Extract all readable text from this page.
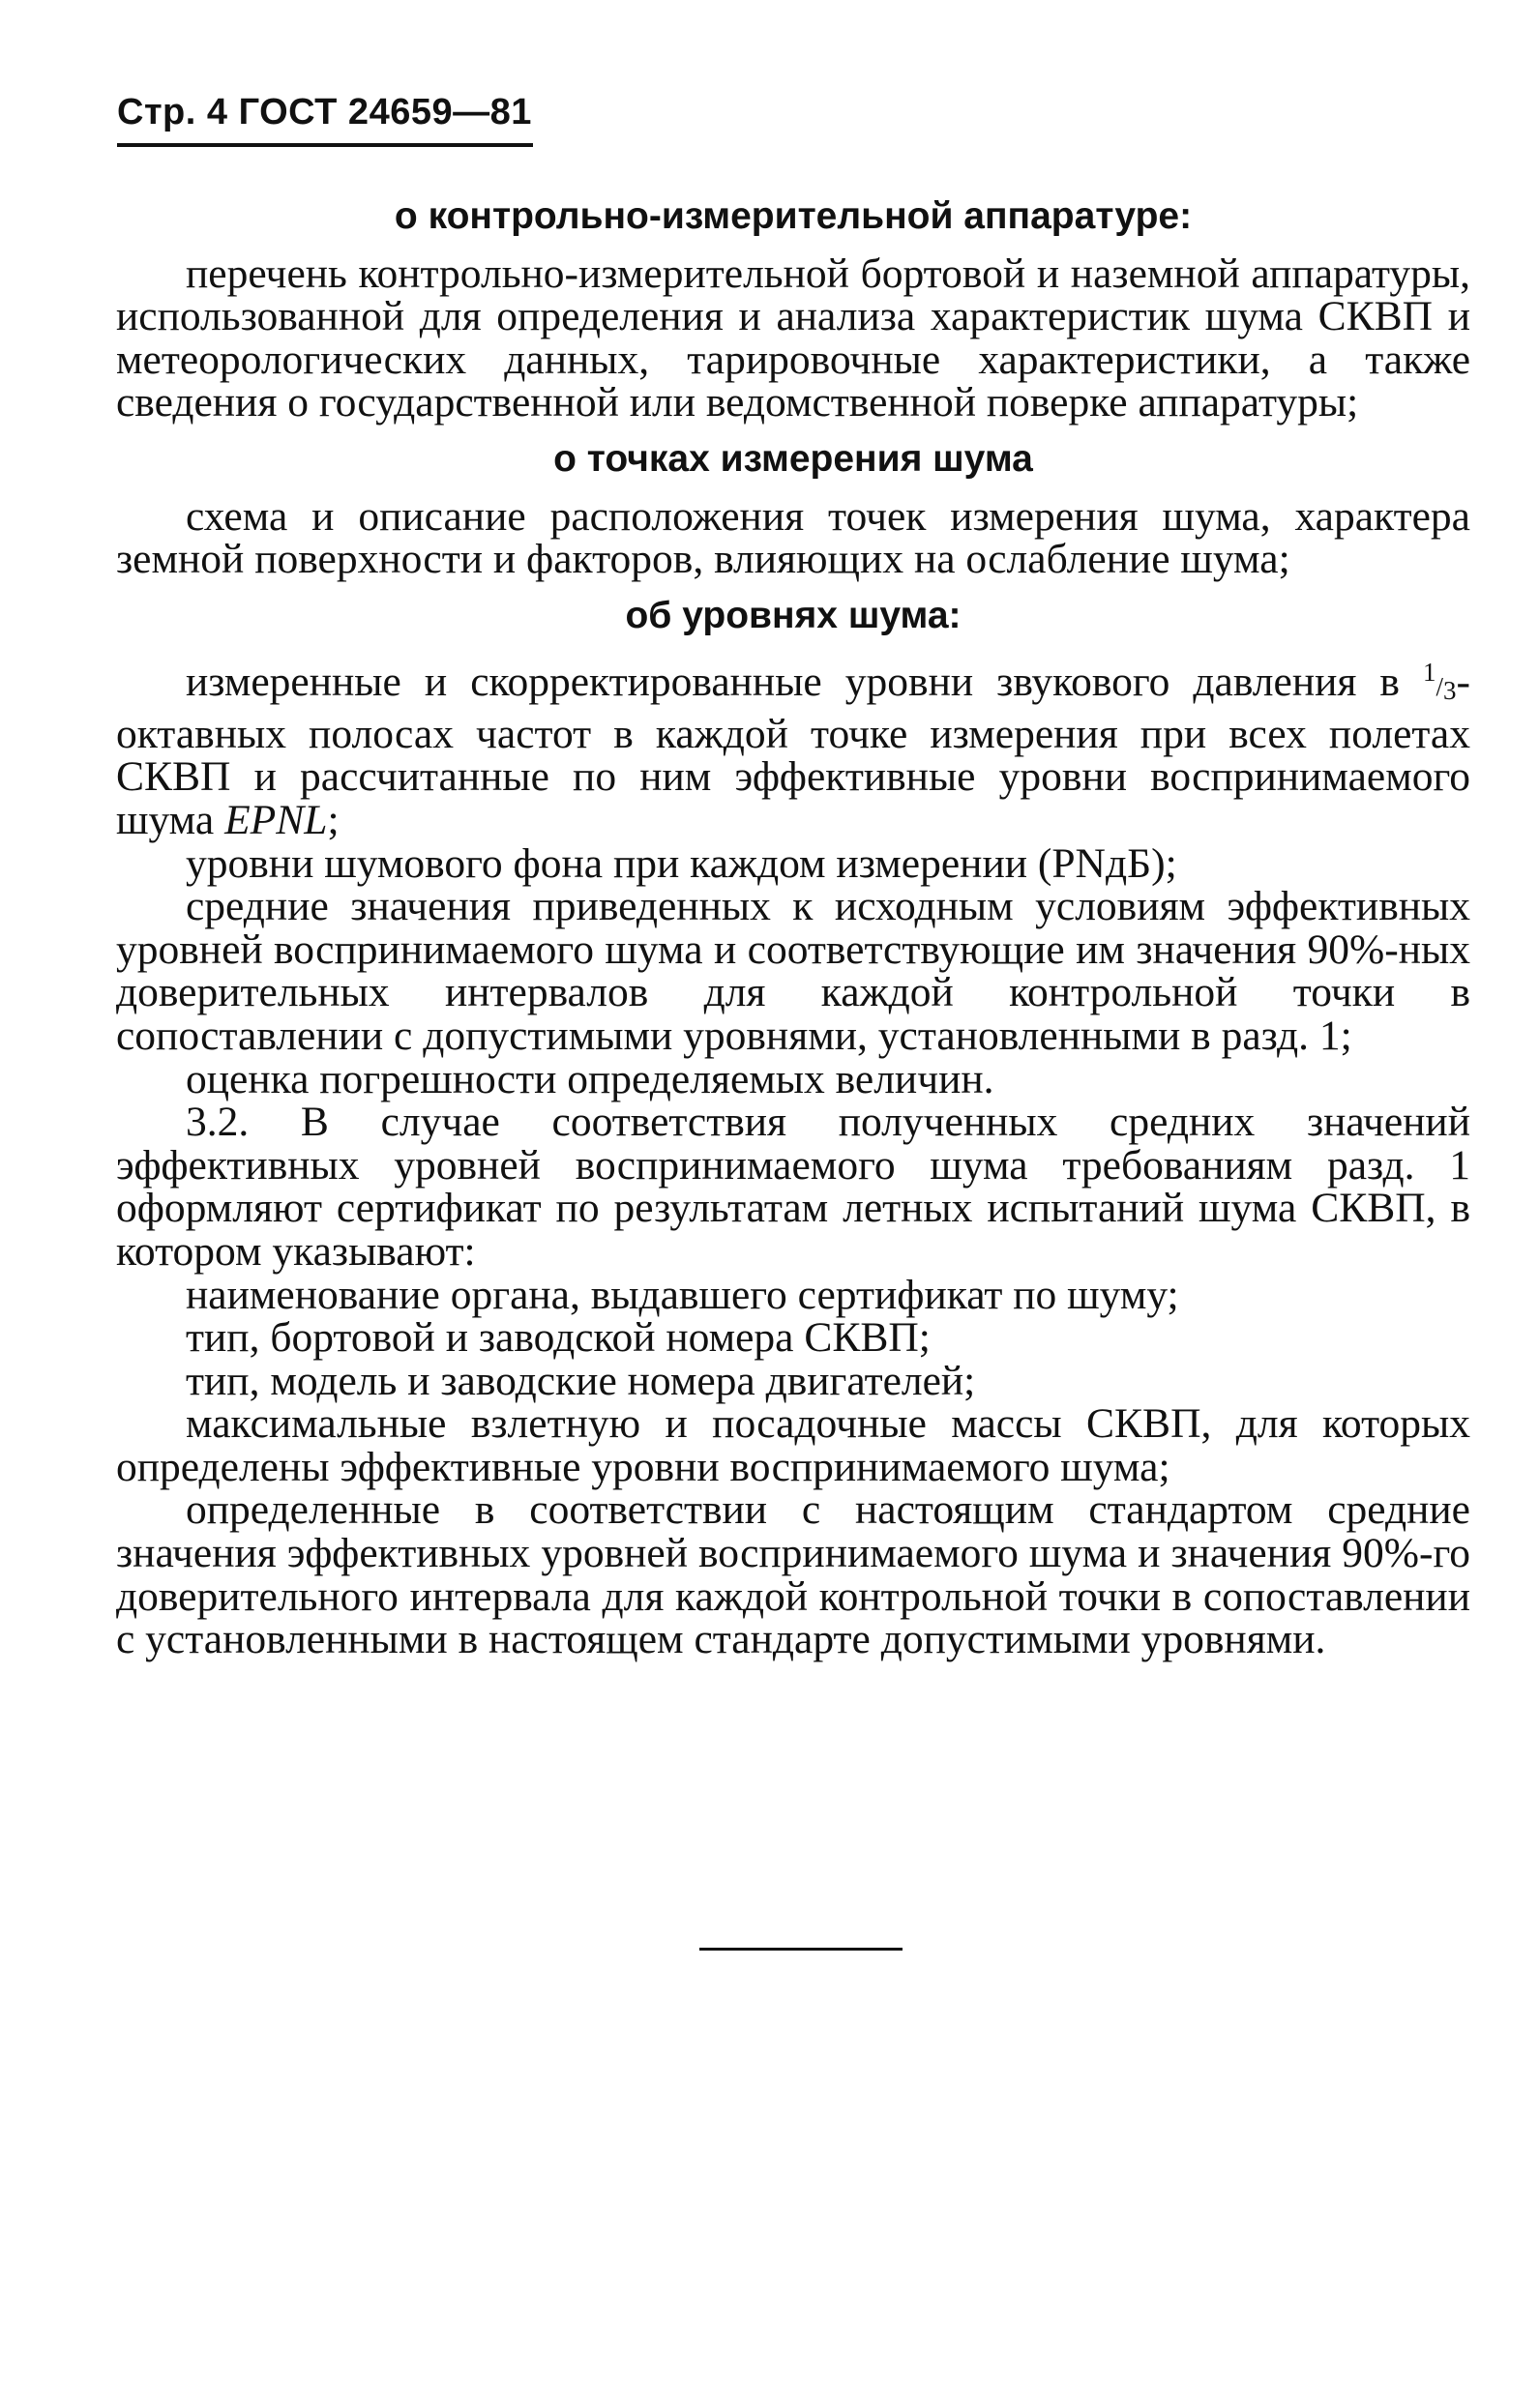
Стр. 4 ГОСТ 24659—81

о контрольно-измерительной аппаратуре:

перечень контрольно-измерительной бортовой и наземной аппаратуры, использованной для определения и анализа характеристик шума СКВП и метеорологических данных, тарировочные характеристики, а также сведения о государственной или ведомственной поверке аппаратуры;

о точках измерения шума

схема и описание расположения точек измерения шума, характера земной поверхности и факторов, влияющих на ослабление шума;

об уровнях шума:

измеренные и скорректированные уровни звукового давления в 1/3-октавных полосах частот в каждой точке измерения при всех полетах СКВП и рассчитанные по ним эффективные уровни воспринимаемого шума EPNL;

уровни шумового фона при каждом измерении (PNдБ);

средние значения приведенных к исходным условиям эффективных уровней воспринимаемого шума и соответствующие им значения 90%-ных доверительных интервалов для каждой контрольной точки в сопоставлении с допустимыми уровнями, установленными в разд. 1;

оценка погрешности определяемых величин.

3.2. В случае соответствия полученных средних значений эффективных уровней воспринимаемого шума требованиям разд. 1 оформляют сертификат по результатам летных испытаний шума СКВП, в котором указывают:

наименование органа, выдавшего сертификат по шуму;

тип, бортовой и заводской номера СКВП;

тип, модель и заводские номера двигателей;

максимальные взлетную и посадочные массы СКВП, для которых определены эффективные уровни воспринимаемого шума;

определенные в соответствии с настоящим стандартом средние значения эффективных уровней воспринимаемого шума и значения 90%-го доверительного интервала для каждой контрольной точки в сопоставлении с установленными в настоящем стандарте допустимыми уровнями.
